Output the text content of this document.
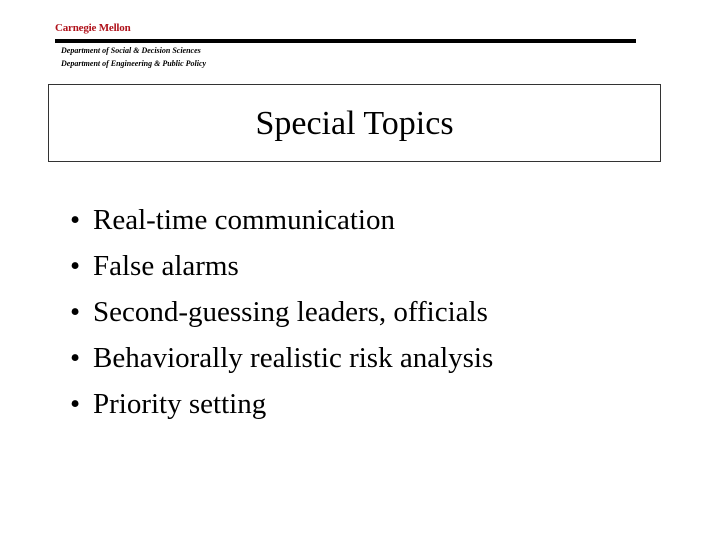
Carnegie Mellon
Department of Social & Decision Sciences
Department of Engineering & Public Policy
Special Topics
• Real-time communication
• False alarms
• Second-guessing leaders, officials
• Behaviorally realistic risk analysis
• Priority setting
